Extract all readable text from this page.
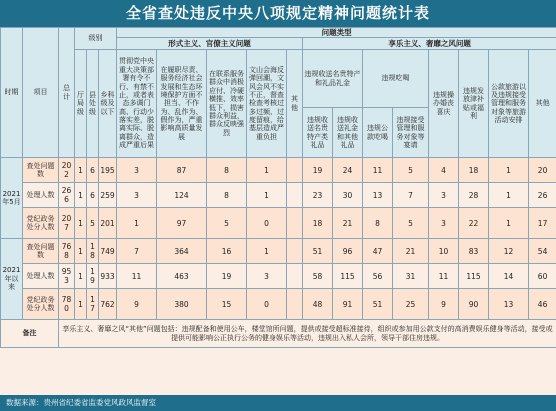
全省查处违反中央八项规定精神问题统计表
时期	项目	总计	级别			问题类型												
						形式主义、官僚主义问题					享乐主义、奢靡之风问题							
			厅局级	县处级	乡科级及以下	贯彻党中央重大决策部署有令不行、有禁不止，或者表态多调门高、行动少落实差，脱离实际、脱离群众，造成严重后果	在履职尽责、服务经济社会发展和生态环境保护方面不担当、不作为、乱作为、假作为，严重影响高质量发展	在联系服务群众中消极应付、冷硬横推、效率低下，损害群众利益，群众反映强烈	文山会海反弹回潮，文风会风不实不正，督查检查考核过多过频、过度留痕，给基层造成严重负担	其他	违规收送名贵特产和礼品礼金		违规吃喝		违规操办婚丧喜庆	违规发放津补贴或福利	公款旅游以及违规接受管理和服务对象等旅游活动安排	其他

											违规收送名贵特产类礼品	违规收送礼金和其他礼品	违规公款吃喝	违规接受管理和服务对象等宴请				
2021年5月	查处问题数	202	1	6	195	3	87	8	1		19	24	11	5	4	18	1	20
	处理人数	266	1	6	259	3	124	8	1		23	30	13	7	3	28	1	26
	党纪政务处分人数	207	1	5	201	1	97	5	0		18	21	8	5	3	22	1	17
2021年以来	查处问题数	768	1	18	749	7	364	16	1		51	96	47	21	10	83	12	54
	处理人数	953	1	19	933	11	463	19	3		58	115	56	31	11	115	14	60
	党纪政务处分人数	780	1	17	762	9	380	15	0		48	91	51	25	9	90	13	46
备注		享乐主义、奢靡之风“其他”问题包括：违规配备和使用公车，楼堂馆所问题，提供或接受超标准接待，组织或参加用公款支付的高消费娱乐健身等活动，接受或提供可能影响公正执行公务的健身娱乐等活动，违规出入私人会所，领导干部住房违规。																
数据来源：贵州省纪委省监委党风政风监督室
